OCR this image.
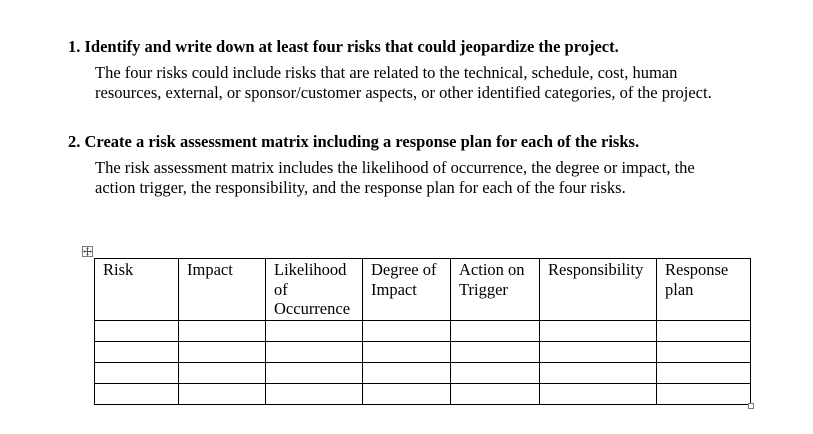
1. Identify and write down at least four risks that could jeopardize the project.
The four risks could include risks that are related to the technical, schedule, cost, human
resources, external, or sponsor/customer aspects, or other identified categories, of the project.
2. Create a risk assessment matrix including a response plan for each of the risks.
The risk assessment matrix includes the likelihood of occurrence, the degree or impact, the
action trigger, the responsibility, and the response plan for each of the four risks.
Risk	Impact	Likelihood of Occurrence	Degree of Impact	Action on Trigger	Responsibility	Response plan
